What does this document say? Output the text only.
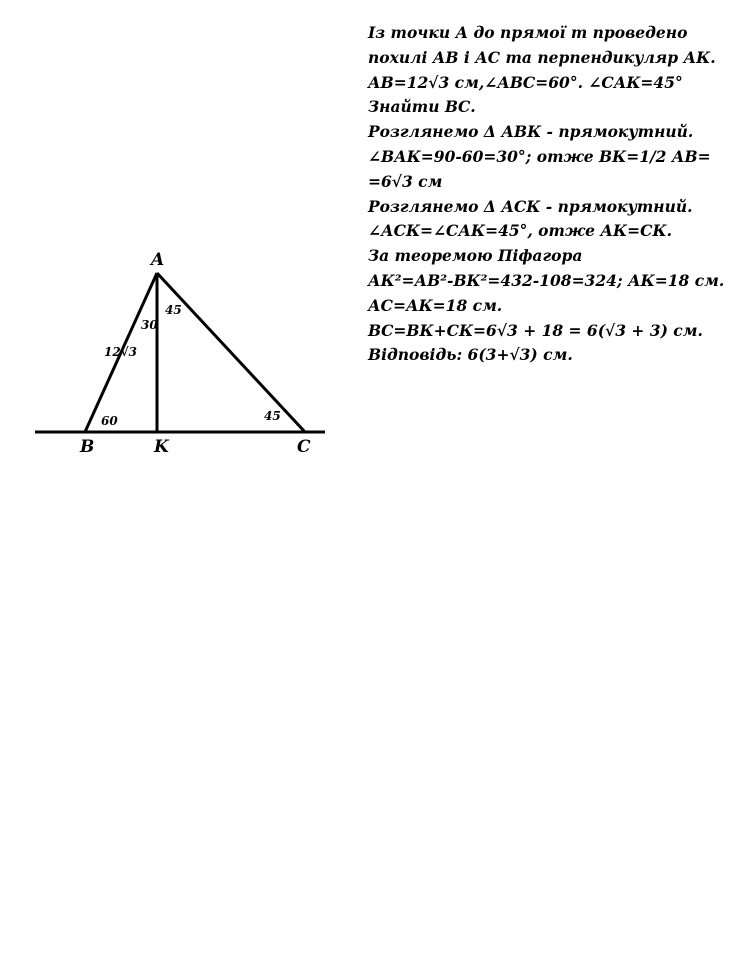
A
B	K	C
60
30
45
45
12√3
Із точки А до прямої т проведено
похилі АВ і АС та перпендикуляр АК.
АВ=12√3 см,∠АВС=60°. ∠САК=45°
Знайти ВС.
Розглянемо Δ АВК - прямокутний.
∠ВАК=90-60=30°; отже ВК=1/2 АВ=
=6√3 см
Розглянемо Δ АСК - прямокутний.
∠АСК=∠САК=45°, отже АК=СК.
За теоремою Піфагора
АК²=АВ²-ВК²=432-108=324; АК=18 см.
АС=АК=18 см.
ВС=ВК+СК=6√3 + 18 = 6(√3 + 3) см.
Відповідь: 6(3+√3) см.
